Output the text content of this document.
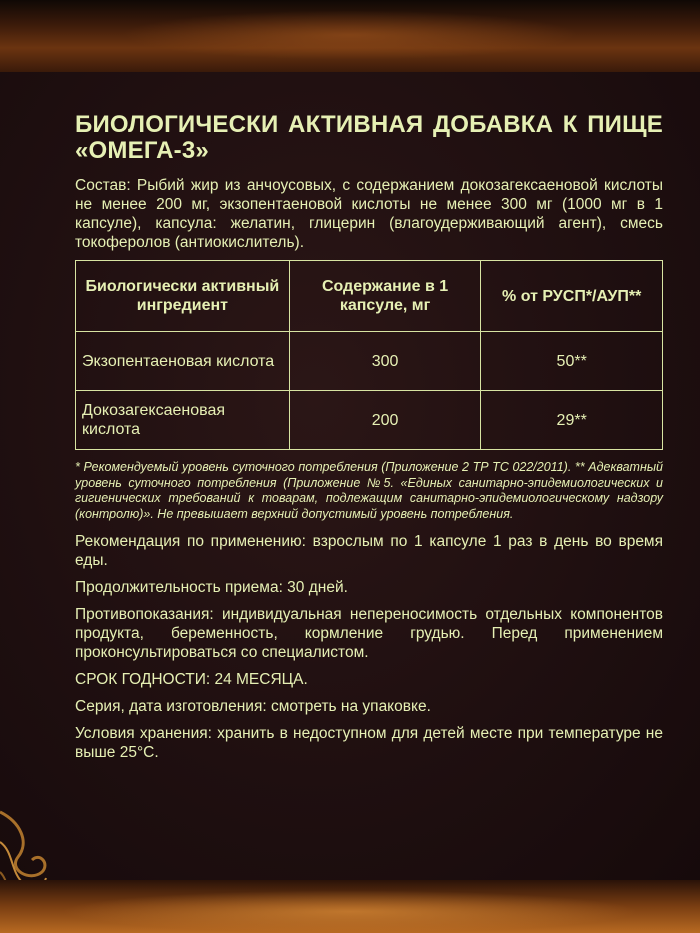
БИОЛОГИЧЕСКИ АКТИВНАЯ ДОБАВКА К ПИЩЕ «ОМЕГА-3»

Состав: Рыбий жир из анчоусовых, с содержанием докозагексаеновой кислоты не менее 200 мг, экзопентаеновой кислоты не менее 300 мг (1000 мг в 1 капсуле), капсула: желатин, глицерин (влагоудерживающий агент), смесь токоферолов (антиокислитель).

Биологически активный ингредиент	Содержание в 1 капсуле, мг	% от РУСП*/АУП**
Экзопентаеновая кислота	300	50**
Докозагексаеновая кислота	200	29**

* Рекомендуемый уровень суточного потребления (Приложение 2 ТР ТС 022/2011). ** Адекватный уровень суточного потребления (Приложение №5. «Единых санитарно-эпидемиологических и гигиенических требований к товарам, подлежащим санитарно-эпидемиологическому надзору (контролю)». Не превышает верхний допустимый уровень потребления.

Рекомендация по применению: взрослым по 1 капсуле 1 раз в день во время еды.

Продолжительность приема: 30 дней.

Противопоказания: индивидуальная непереносимость отдельных компонентов продукта, беременность, кормление грудью. Перед применением проконсультироваться со специалистом.

СРОК ГОДНОСТИ: 24 МЕСЯЦА.

Серия, дата изготовления: смотреть на упаковке.

Условия хранения: хранить в недоступном для детей месте при температуре не выше 25°С.
